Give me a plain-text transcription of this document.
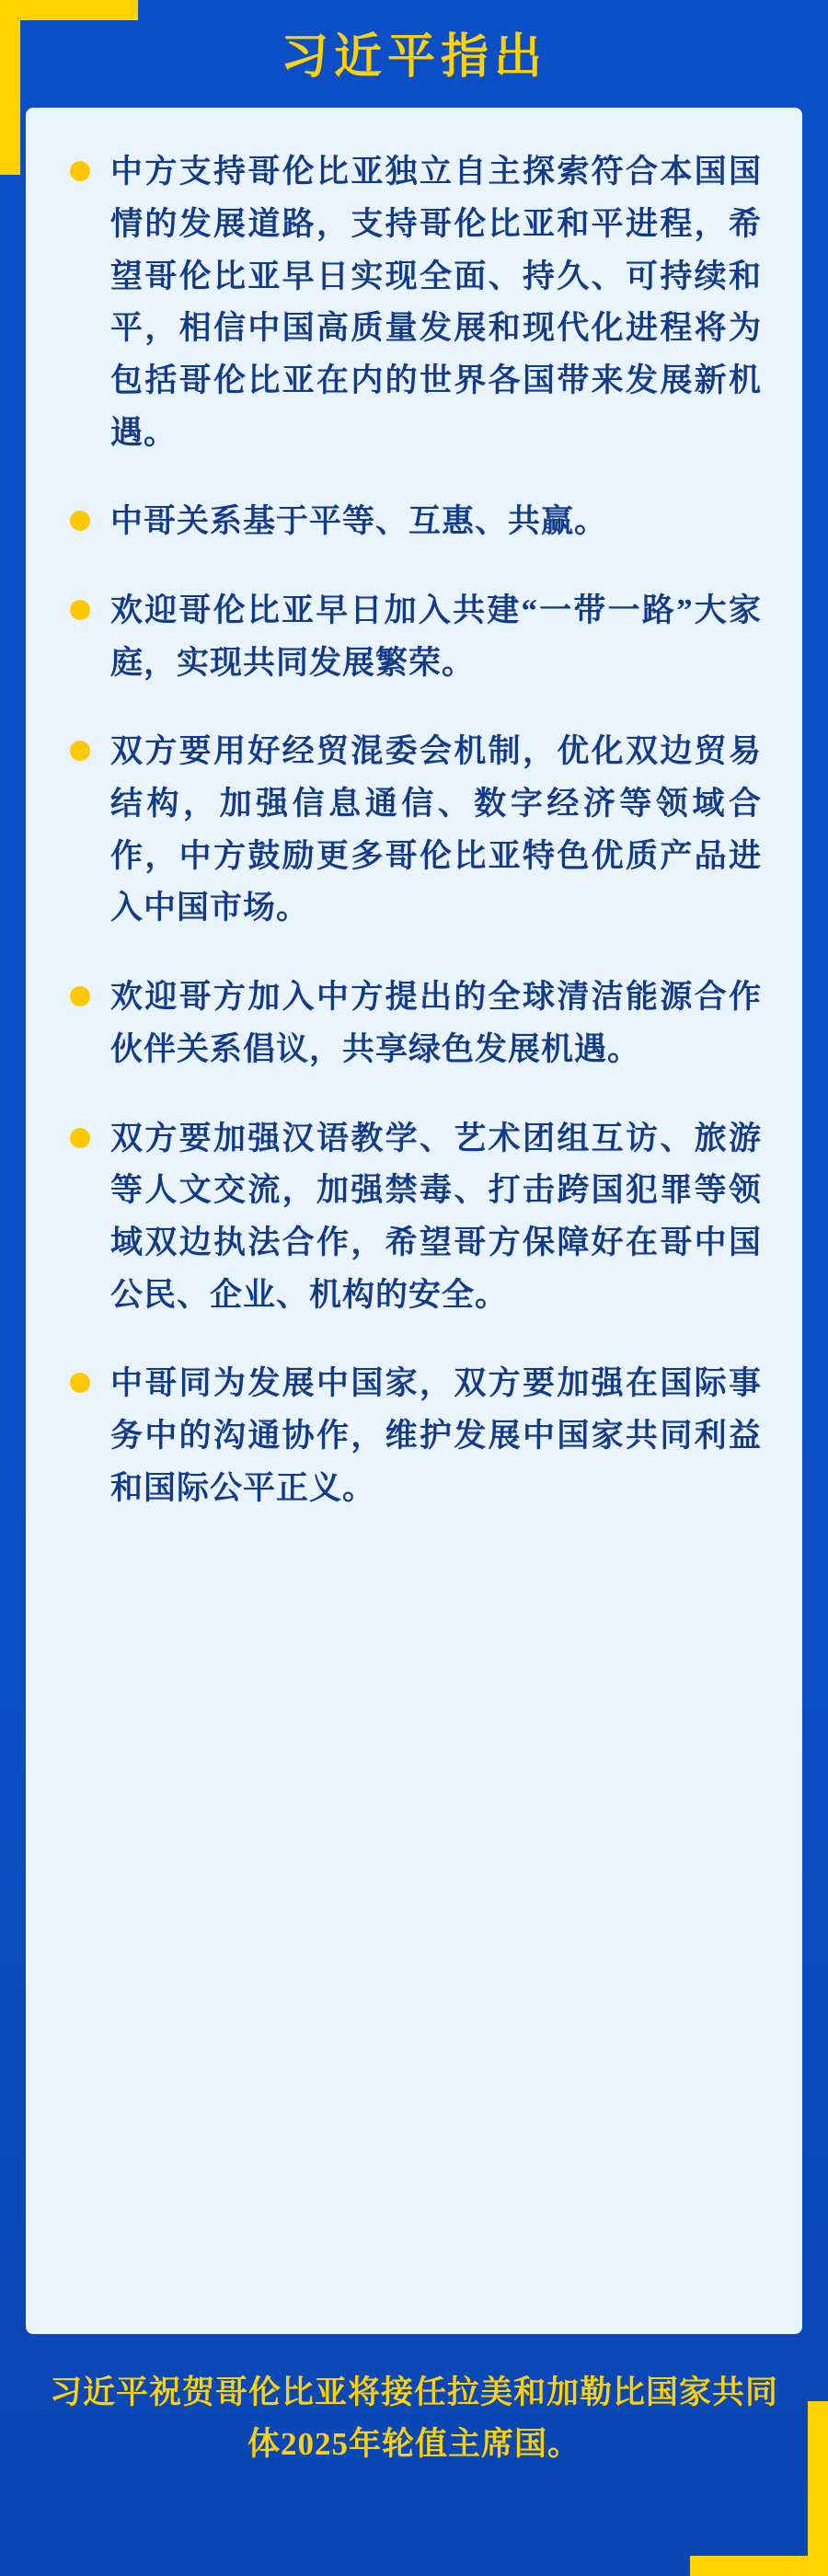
习近平指出
中方支持哥伦比亚独立自主探索符合本国国情的发展道路，支持哥伦比亚和平进程，希望哥伦比亚早日实现全面、持久、可持续和平，相信中国高质量发展和现代化进程将为包括哥伦比亚在内的世界各国带来发展新机遇。
中哥关系基于平等、互惠、共赢。
欢迎哥伦比亚早日加入共建“一带一路”大家庭，实现共同发展繁荣。
双方要用好经贸混委会机制，优化双边贸易结构，加强信息通信、数字经济等领域合作，中方鼓励更多哥伦比亚特色优质产品进入中国市场。
欢迎哥方加入中方提出的全球清洁能源合作伙伴关系倡议，共享绿色发展机遇。
双方要加强汉语教学、艺术团组互访、旅游等人文交流，加强禁毒、打击跨国犯罪等领域双边执法合作，希望哥方保障好在哥中国公民、企业、机构的安全。
中哥同为发展中国家，双方要加强在国际事务中的沟通协作，维护发展中国家共同利益和国际公平正义。
习近平祝贺哥伦比亚将接任拉美和加勒比国家共同体2025年轮值主席国。
